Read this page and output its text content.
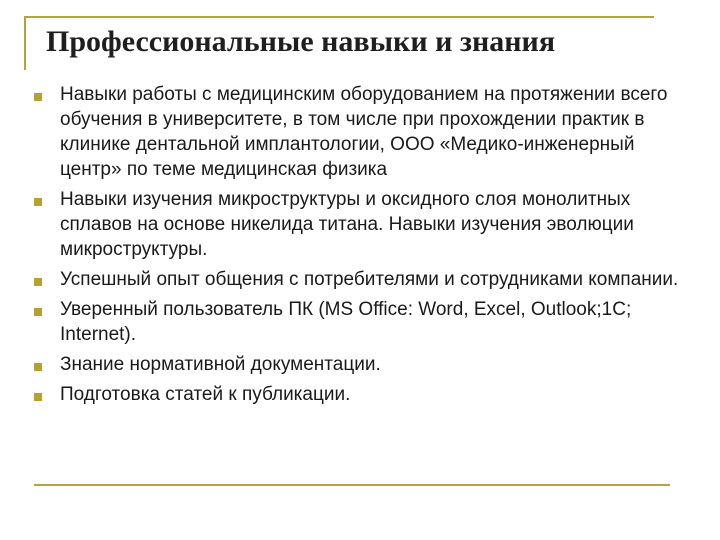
Профессиональные навыки и знания
Навыки работы с медицинским оборудованием на протяжении всего обучения в университете, в том числе при прохождении практик в клинике дентальной имплантологии, ООО «Медико-инженерный центр» по теме медицинская физика
Навыки изучения микроструктуры и оксидного слоя монолитных сплавов на основе никелида титана. Навыки изучения эволюции микроструктуры.
Успешный опыт общения с потребителями и сотрудниками компании.
Уверенный пользователь ПК (MS Office: Word, Excel, Outlook;1С; Internet).
Знание нормативной документации.
Подготовка статей к публикации.
